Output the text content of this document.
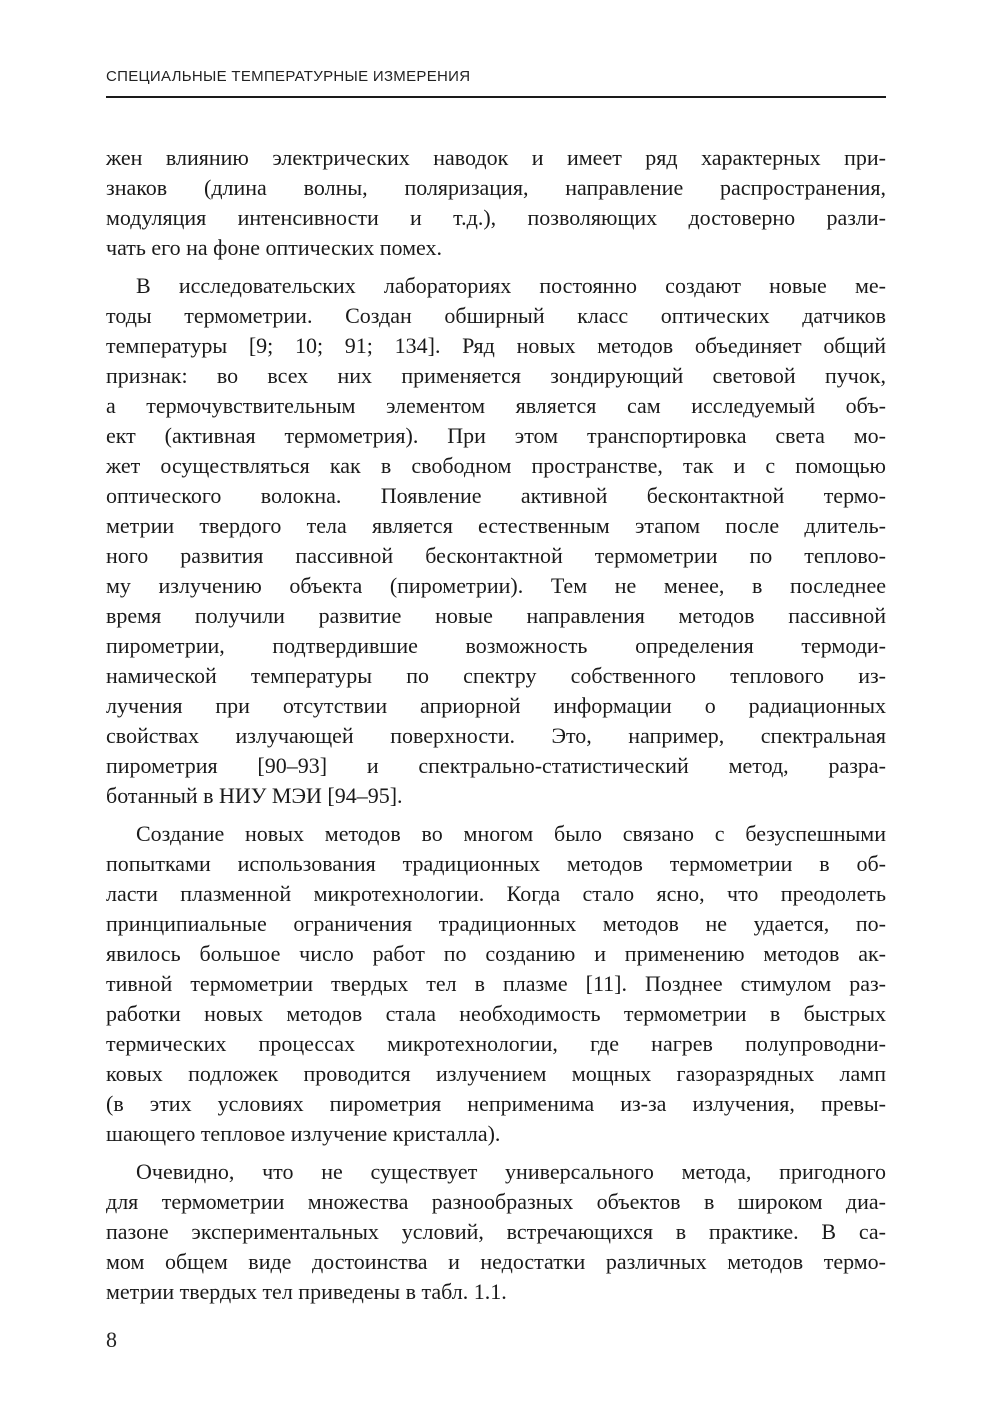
СПЕЦИАЛЬНЫЕ ТЕМПЕРАТУРНЫЕ ИЗМЕРЕНИЯ
жен влиянию электрических наводок и имеет ряд характерных при-
знаков (длина волны, поляризация, направление распространения,
модуляция интенсивности и т.д.), позволяющих достоверно разли-
чать его на фоне оптических помех.
В исследовательских лабораториях постоянно создают новые ме-
тоды термометрии. Создан обширный класс оптических датчиков
температуры [9; 10; 91; 134]. Ряд новых методов объединяет общий
признак: во всех них применяется зондирующий световой пучок,
а термочувствительным элементом является сам исследуемый объ-
ект (активная термометрия). При этом транспортировка света мо-
жет осуществляться как в свободном пространстве, так и с помощью
оптического волокна. Появление активной бесконтактной термо-
метрии твердого тела является естественным этапом после длитель-
ного развития пассивной бесконтактной термометрии по теплово-
му излучению объекта (пирометрии). Тем не менее, в последнее
время получили развитие новые направления методов пассивной
пирометрии, подтвердившие возможность определения термоди-
намической температуры по спектру собственного теплового из-
лучения при отсутствии априорной информации о радиационных
свойствах излучающей поверхности. Это, например, спектральная
пирометрия [90–93] и спектрально-статистический метод, разра-
ботанный в НИУ МЭИ [94–95].
Создание новых методов во многом было связано с безуспешными
попытками использования традиционных методов термометрии в об-
ласти плазменной микротехнологии. Когда стало ясно, что преодолеть
принципиальные ограничения традиционных методов не удается, по-
явилось большое число работ по созданию и применению методов ак-
тивной термометрии твердых тел в плазме [11]. Позднее стимулом раз-
работки новых методов стала необходимость термометрии в быстрых
термических процессах микротехнологии, где нагрев полупроводни-
ковых подложек проводится излучением мощных газоразрядных ламп
(в этих условиях пирометрия неприменима из-за излучения, превы-
шающего тепловое излучение кристалла).
Очевидно, что не существует универсального метода, пригодного
для термометрии множества разнообразных объектов в широком диа-
пазоне экспериментальных условий, встречающихся в практике. В са-
мом общем виде достоинства и недостатки различных методов термо-
метрии твердых тел приведены в табл. 1.1.
8
